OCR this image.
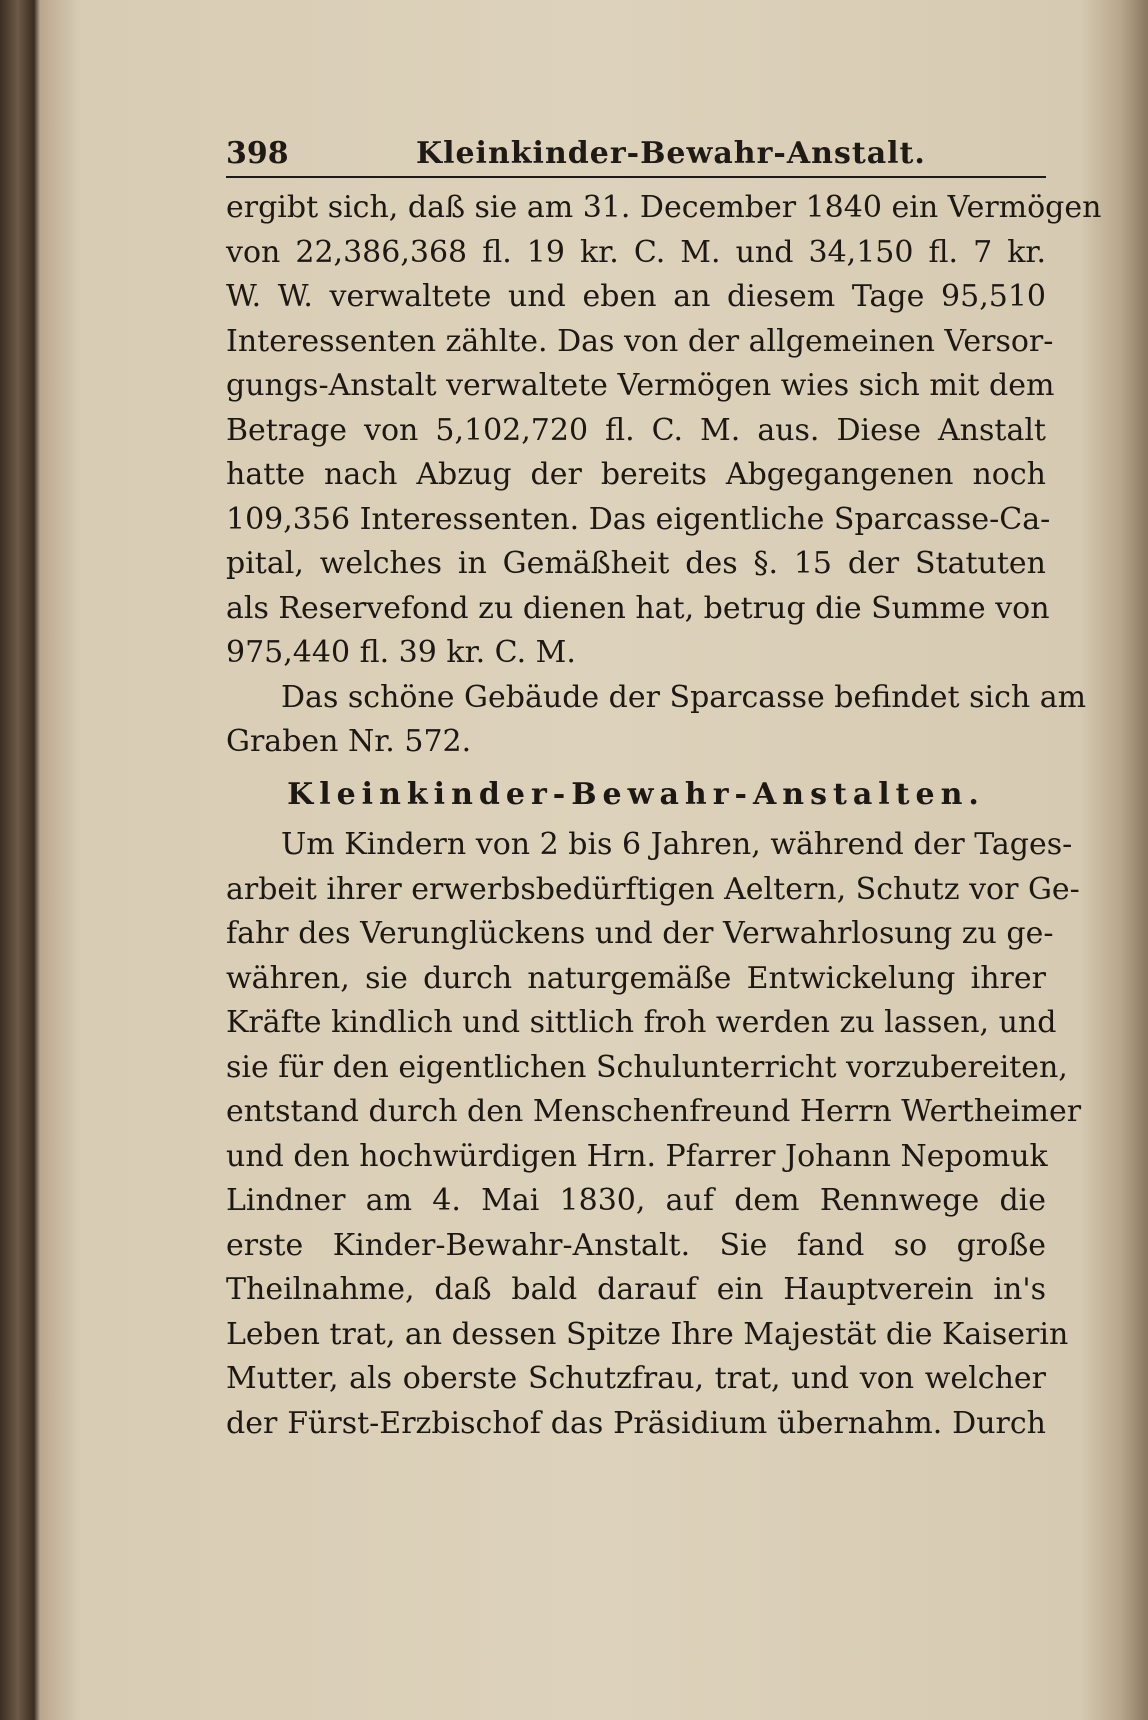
398	Kleinkinder-Bewahr-Anstalt.
ergibt sich, daß sie am 31. December 1840 ein Vermögen
von 22,386,368 fl. 19 kr. C. M. und 34,150 fl. 7 kr.
W. W. verwaltete und eben an diesem Tage 95,510
Interessenten zählte. Das von der allgemeinen Versor-
gungs-Anstalt verwaltete Vermögen wies sich mit dem
Betrage von 5,102,720 fl. C. M. aus. Diese Anstalt
hatte nach Abzug der bereits Abgegangenen noch
109,356 Interessenten. Das eigentliche Sparcasse-Ca-
pital, welches in Gemäßheit des §. 15 der Statuten
als Reservefond zu dienen hat, betrug die Summe von
975,440 fl. 39 kr. C. M.
Das schöne Gebäude der Sparcasse befindet sich am
Graben Nr. 572.
Kleinkinder-Bewahr-Anstalten.
Um Kindern von 2 bis 6 Jahren, während der Tages-
arbeit ihrer erwerbsbedürftigen Aeltern, Schutz vor Ge-
fahr des Verunglückens und der Verwahrlosung zu ge-
währen, sie durch naturgemäße Entwickelung ihrer
Kräfte kindlich und sittlich froh werden zu lassen, und
sie für den eigentlichen Schulunterricht vorzubereiten,
entstand durch den Menschenfreund Herrn Wertheimer
und den hochwürdigen Hrn. Pfarrer Johann Nepomuk
Lindner am 4. Mai 1830, auf dem Rennwege die
erste Kinder-Bewahr-Anstalt. Sie fand so große
Theilnahme, daß bald darauf ein Hauptverein in's
Leben trat, an dessen Spitze Ihre Majestät die Kaiserin
Mutter, als oberste Schutzfrau, trat, und von welcher
der Fürst-Erzbischof das Präsidium übernahm. Durch
